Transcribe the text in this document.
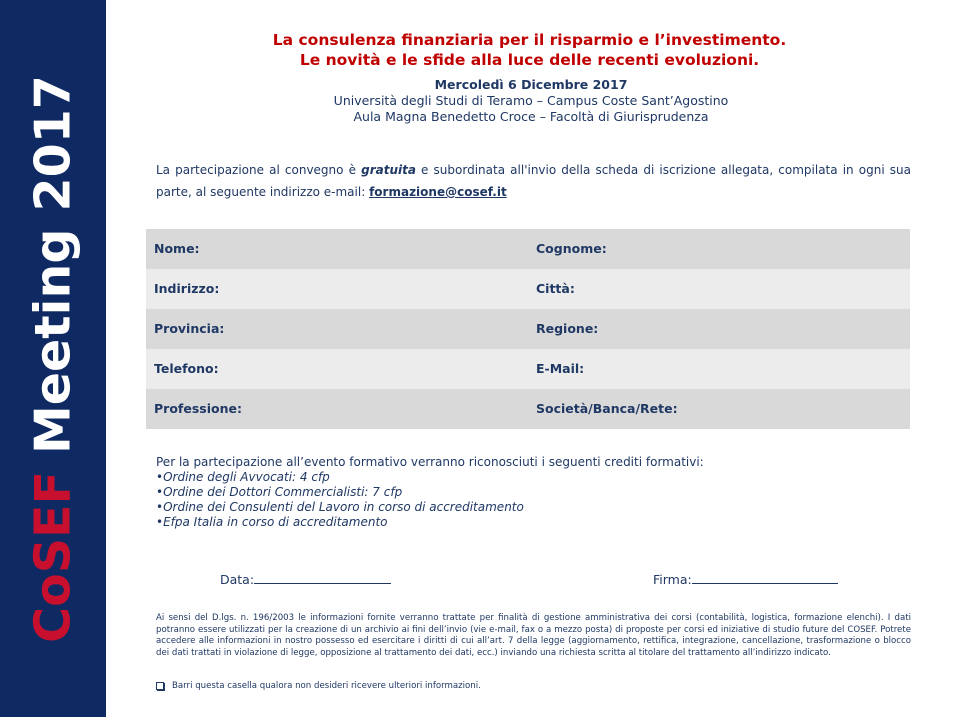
CoSEF Meeting 2017
La consulenza finanziaria per il risparmio e l’investimento.
Le novità e le sfide alla luce delle recenti evoluzioni.
Mercoledì 6 Dicembre 2017
Università degli Studi di Teramo – Campus Coste Sant’Agostino
Aula Magna Benedetto Croce – Facoltà di Giurisprudenza
La partecipazione al convegno è gratuita e subordinata all'invio della scheda di iscrizione allegata, compilata in ogni sua parte, al seguente indirizzo e-mail: formazione@cosef.it
Nome:	Cognome:
Indirizzo:	Città:
Provincia:	Regione:
Telefono:	E-Mail:
Professione:	Società/Banca/Rete:
Per la partecipazione all’evento formativo verranno riconosciuti i seguenti crediti formativi:
• Ordine degli Avvocati: 4 cfp
• Ordine dei Dottori Commercialisti: 7 cfp
• Ordine dei Consulenti del Lavoro in corso di accreditamento
• Efpa Italia in corso di accreditamento
Data:	Firma:
Ai sensi del D.lgs. n. 196/2003 le informazioni fornite verranno trattate per finalità di gestione amministrativa dei corsi (contabilità, logistica, formazione elenchi). I dati potranno essere utilizzati per la creazione di un archivio ai fini dell’invio (vie e-mail, fax o a mezzo posta) di proposte per corsi ed iniziative di studio future del COSEF. Potrete accedere alle informazioni in nostro possesso ed esercitare i diritti di cui all’art. 7 della legge (aggiornamento, rettifica, integrazione, cancellazione, trasformazione o blocco dei dati trattati in violazione di legge, opposizione al trattamento dei dati, ecc.) inviando una richiesta scritta al titolare del trattamento all’indirizzo indicato.
Barri questa casella qualora non desideri ricevere ulteriori informazioni.
